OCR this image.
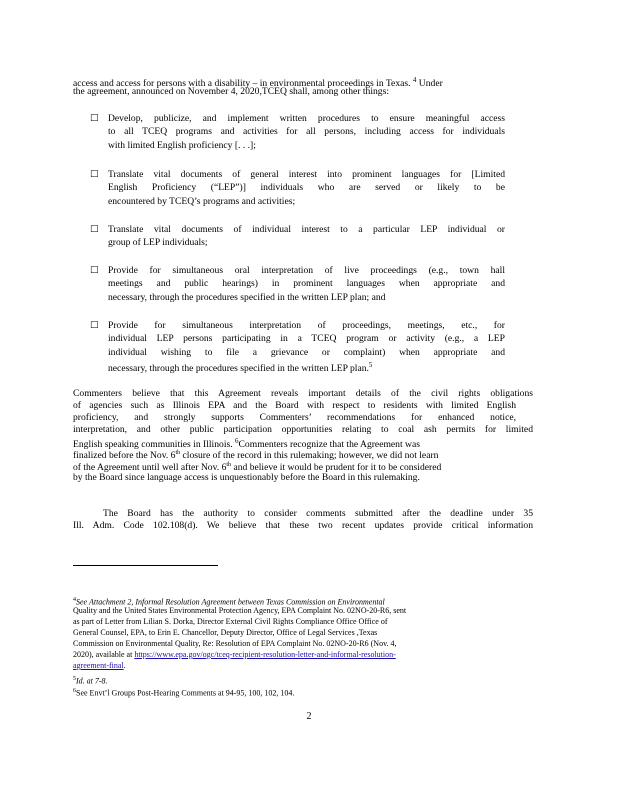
access and access for persons with a disability – in environmental proceedings in Texas. $^4$ Under
the agreement, announced on November 4, 2020,TCEQ shall, among other things:
□ Develop, publicize, and implement written procedures to ensure meaningful access
to all TCEQ programs and activities for all persons, including access for individuals
with limited English proficiency [. . .];
□ Translate vital documents of general interest into prominent languages for [Limited
English Proficiency (“LEP”)] individuals who are served or likely to be
encountered by TCEQ’s programs and activities;
□ Translate vital documents of individual interest to a particular LEP individual or
group of LEP individuals;
□ Provide for simultaneous oral interpretation of live proceedings (e.g., town hall
meetings and public hearings) in prominent languages when appropriate and
necessary, through the procedures specified in the written LEP plan; and
□ Provide for simultaneous interpretation of proceedings, meetings, etc., for
individual LEP persons participating in a TCEQ program or activity (e.g., a LEP
individual wishing to file a grievance or complaint) when appropriate and
necessary, through the procedures specified in the written LEP plan.$^5$
Commenters believe that this Agreement reveals important details of the civil rights obligations
of agencies such as Illinois EPA and the Board with respect to residents with limited English
proficiency, and strongly supports Commenters’ recommendations for enhanced notice,
interpretation, and other public participation opportunities relating to coal ash permits for limited
English speaking communities in Illinois. $^6$Commenters recognize that the Agreement was
finalized before the Nov. 6th closure of the record in this rulemaking; however, we did not learn
of the Agreement until well after Nov. 6th and believe it would be prudent for it to be considered
by the Board since language access is unquestionably before the Board in this rulemaking.
The Board has the authority to consider comments submitted after the deadline under 35
Ill. Adm. Code 102.108(d). We believe that these two recent updates provide critical information
$^4$See Attachment 2, Informal Resolution Agreement between Texas Commission on Environmental
Quality and the United States Environmental Protection Agency, EPA Complaint No. 02NO-20-R6, sent
as part of Letter from Lilian S. Dorka, Director External Civil Rights Compliance Office Office of
General Counsel, EPA, to Erin E. Chancellor, Deputy Director, Office of Legal Services ,Texas
Commission on Environmental Quality, Re: Resolution of EPA Complaint No. 02NO-20-R6 (Nov. 4,
2020), available at https://www.epa.gov/ogc/tceq-recipient-resolution-letter-and-informal-resolution-
agreement-final.
$^5$Id. at 7-8.
$^6$See Envt’l Groups Post-Hearing Comments at 94-95, 100, 102, 104.
2
